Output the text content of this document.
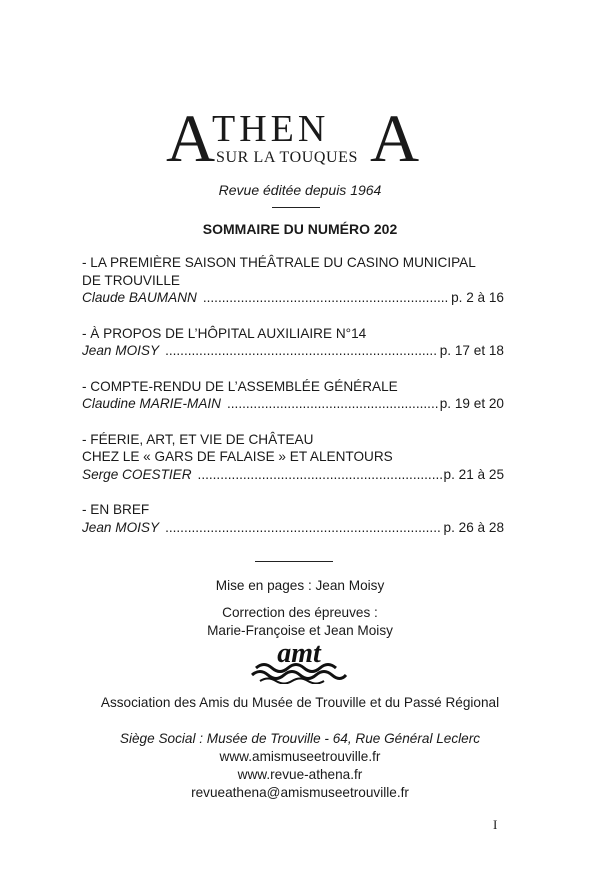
A
THEN
SUR LA TOUQUES A
Revue éditée depuis 1964
SOMMAIRE DU NUMÉRO 202
- LA PREMIÈRE SAISON THÉÂTRALE DU CASINO MUNICIPAL
DE TROUVILLE
Claude BAUMANN .....	p. 2 à 16
- À PROPOS DE L’HÔPITAL AUXILIAIRE N°14
Jean MOISY .....	p. 17 et 18
- COMPTE-RENDU DE L’ASSEMBLÉE GÉNÉRALE
Claudine MARIE-MAIN .....	p. 19 et 20
- FÉERIE, ART, ET VIE DE CHÂTEAU
CHEZ LE « GARS DE FALAISE » ET ALENTOURS
Serge COESTIER .....	p. 21 à 25
- EN BREF
Jean MOISY .....	p. 26 à 28
Mise en pages : Jean Moisy
Correction des épreuves :
Marie-Françoise et Jean Moisy
amt
Association des Amis du Musée de Trouville et du Passé Régional
Siège Social : Musée de Trouville - 64, Rue Général Leclerc
www.amismuseetrouville.fr
www.revue-athena.fr
revueathena@amismuseetrouville.fr
I
